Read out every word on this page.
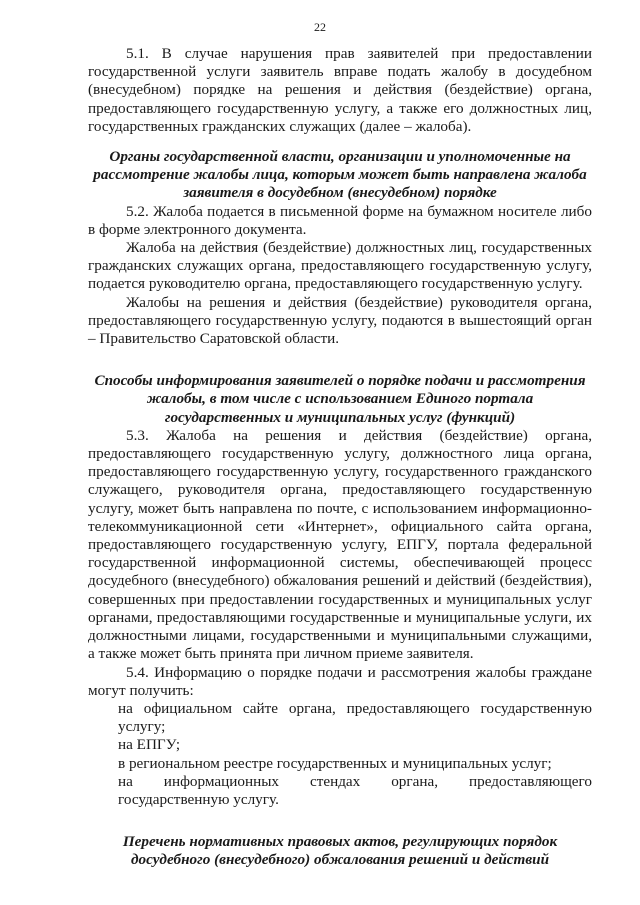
22

5.1. В случае нарушения прав заявителей при предоставлении государственной услуги заявитель вправе подать жалобу в досудебном (внесудебном) порядке на решения и действия (бездействие) органа, предоставляющего государственную услугу, а также его должностных лиц, государственных гражданских служащих (далее – жалоба).

Органы государственной власти, организации и уполномоченные на рассмотрение жалобы лица, которым может быть направлена жалоба заявителя в досудебном (внесудебном) порядке

5.2. Жалоба подается в письменной форме на бумажном носителе либо в форме электронного документа.

Жалоба на действия (бездействие) должностных лиц, государственных гражданских служащих органа, предоставляющего государственную услугу, подается руководителю органа, предоставляющего государственную услугу.

Жалобы на решения и действия (бездействие) руководителя органа, предоставляющего государственную услугу, подаются в вышестоящий орган – Правительство Саратовской области.

Способы информирования заявителей о порядке подачи и рассмотрения жалобы, в том числе с использованием Единого портала государственных и муниципальных услуг (функций)

5.3. Жалоба на решения и действия (бездействие) органа, предоставляющего государственную услугу, должностного лица органа, предоставляющего государственную услугу, государственного гражданского служащего, руководителя органа, предоставляющего государственную услугу, может быть направлена по почте, с использованием информационно-телекоммуникационной сети «Интернет», официального сайта органа, предоставляющего государственную услугу, ЕПГУ, портала федеральной государственной информационной системы, обеспечивающей процесс досудебного (внесудебного) обжалования решений и действий (бездействия), совершенных при предоставлении государственных и муниципальных услуг органами, предоставляющими государственные и муниципальные услуги, их должностными лицами, государственными и муниципальными служащими, а также может быть принята при личном приеме заявителя.

5.4. Информацию о порядке подачи и рассмотрения жалобы граждане могут получить:

на официальном сайте органа, предоставляющего государственную услугу;

на ЕПГУ;

в региональном реестре государственных и муниципальных услуг;

на информационных стендах органа, предоставляющего государственную услугу.

Перечень нормативных правовых актов, регулирующих порядок досудебного (внесудебного) обжалования решений и действий
